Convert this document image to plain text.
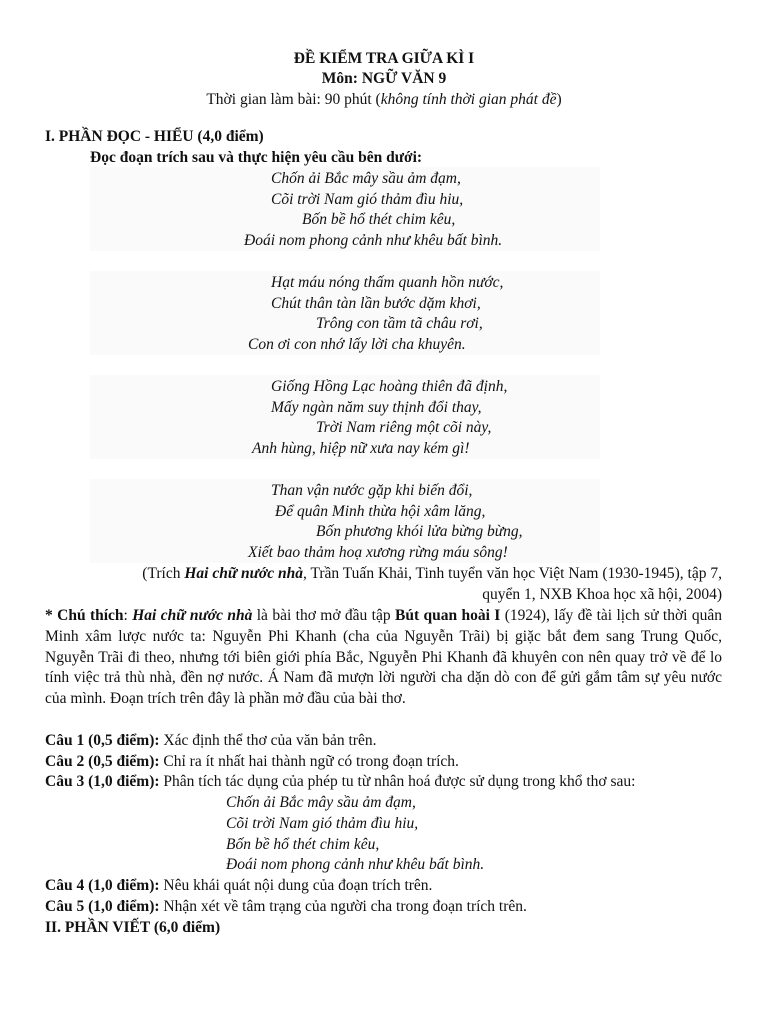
ĐỀ KIỂM TRA GIỮA KÌ I
Môn: NGỮ VĂN 9
Thời gian làm bài: 90 phút (không tính thời gian phát đề)
I. PHẦN ĐỌC - HIỂU (4,0 điểm)
Đọc đoạn trích sau và thực hiện yêu cầu bên dưới:
Chốn ải Bắc mây sầu ảm đạm,
Cõi trời Nam gió thảm đìu hiu,
Bốn bề hổ thét chim kêu,
Đoái nom phong cảnh như khêu bất bình.
Hạt máu nóng thấm quanh hồn nước,
Chút thân tàn lần bước dặm khơi,
Trông con tầm tã châu rơi,
Con ơi con nhớ lấy lời cha khuyên.
Giống Hồng Lạc hoàng thiên đã định,
Mấy ngàn năm suy thịnh đổi thay,
Trời Nam riêng một cõi này,
Anh hùng, hiệp nữ xưa nay kém gì!
Than vận nước gặp khi biến đổi,
Để quân Minh thừa hội xâm lăng,
Bốn phương khói lửa bừng bừng,
Xiết bao thảm hoạ xương rừng máu sông!
(Trích Hai chữ nước nhà, Trần Tuấn Khải, Tinh tuyển văn học Việt Nam (1930-1945), tập 7,
quyển 1, NXB Khoa học xã hội, 2004)
* Chú thích: Hai chữ nước nhà là bài thơ mở đầu tập Bút quan hoài I (1924), lấy đề tài lịch sử thời quân Minh xâm lược nước ta: Nguyễn Phi Khanh (cha của Nguyễn Trãi) bị giặc bắt đem sang Trung Quốc, Nguyễn Trãi đi theo, nhưng tới biên giới phía Bắc, Nguyễn Phi Khanh đã khuyên con nên quay trở về để lo tính việc trả thù nhà, đền nợ nước. Á Nam đã mượn lời người cha dặn dò con để gửi gắm tâm sự yêu nước của mình. Đoạn trích trên đây là phần mở đầu của bài thơ.
Câu 1 (0,5 điểm): Xác định thể thơ của văn bản trên.
Câu 2 (0,5 điểm): Chỉ ra ít nhất hai thành ngữ có trong đoạn trích.
Câu 3 (1,0 điểm): Phân tích tác dụng của phép tu từ nhân hoá được sử dụng trong khổ thơ sau:
Chốn ải Bắc mây sầu ảm đạm,
Cõi trời Nam gió thảm đìu hiu,
Bốn bề hổ thét chim kêu,
Đoái nom phong cảnh như khêu bất bình.
Câu 4 (1,0 điểm): Nêu khái quát nội dung của đoạn trích trên.
Câu 5 (1,0 điểm): Nhận xét về tâm trạng của người cha trong đoạn trích trên.
II. PHẦN VIẾT (6,0 điểm)
